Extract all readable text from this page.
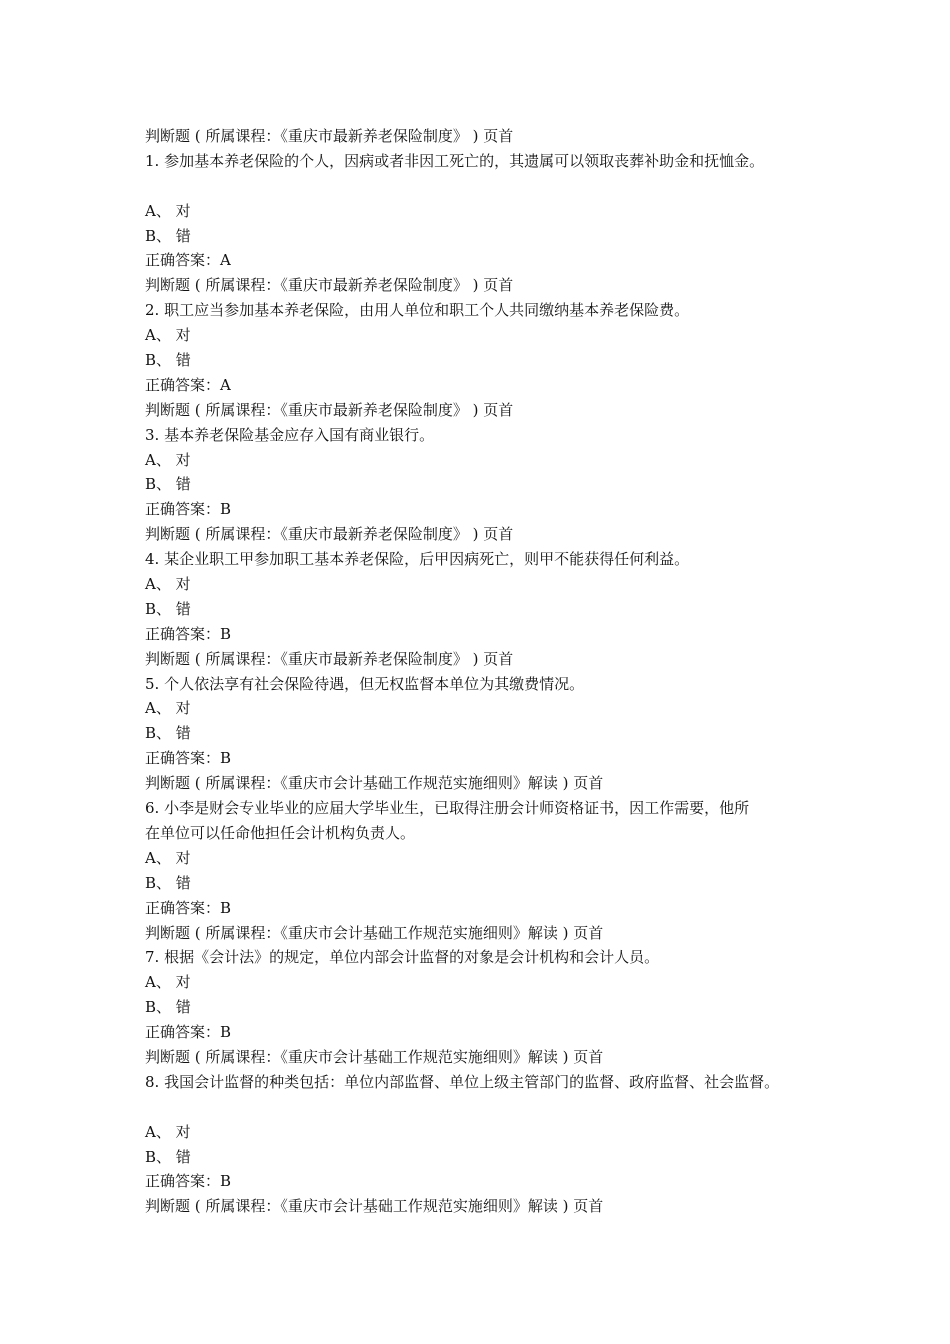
判断题 ( 所属课程：《重庆市最新养老保险制度》 ) 页首
1. 参加基本养老保险的个人，因病或者非因工死亡的，其遗属可以领取丧葬补助金和抚恤金。
A、 对
B、 错
正确答案：A
判断题 ( 所属课程：《重庆市最新养老保险制度》 ) 页首
2. 职工应当参加基本养老保险，由用人单位和职工个人共同缴纳基本养老保险费。
A、 对
B、 错
正确答案：A
判断题 ( 所属课程：《重庆市最新养老保险制度》 ) 页首
3. 基本养老保险基金应存入国有商业银行。
A、 对
B、 错
正确答案：B
判断题 ( 所属课程：《重庆市最新养老保险制度》 ) 页首
4. 某企业职工甲参加职工基本养老保险，后甲因病死亡，则甲不能获得任何利益。
A、 对
B、 错
正确答案：B
判断题 ( 所属课程：《重庆市最新养老保险制度》 ) 页首
5. 个人依法享有社会保险待遇，但无权监督本单位为其缴费情况。
A、 对
B、 错
正确答案：B
判断题 ( 所属课程：《重庆市会计基础工作规范实施细则》解读 ) 页首
6. 小李是财会专业毕业的应届大学毕业生，已取得注册会计师资格证书，因工作需要，他所
在单位可以任命他担任会计机构负责人。
A、 对
B、 错
正确答案：B
判断题 ( 所属课程：《重庆市会计基础工作规范实施细则》解读 ) 页首
7. 根据《会计法》的规定，单位内部会计监督的对象是会计机构和会计人员。
A、 对
B、 错
正确答案：B
判断题 ( 所属课程：《重庆市会计基础工作规范实施细则》解读 ) 页首
8. 我国会计监督的种类包括：单位内部监督、单位上级主管部门的监督、政府监督、社会监督。
A、 对
B、 错
正确答案：B
判断题 ( 所属课程：《重庆市会计基础工作规范实施细则》解读 ) 页首
